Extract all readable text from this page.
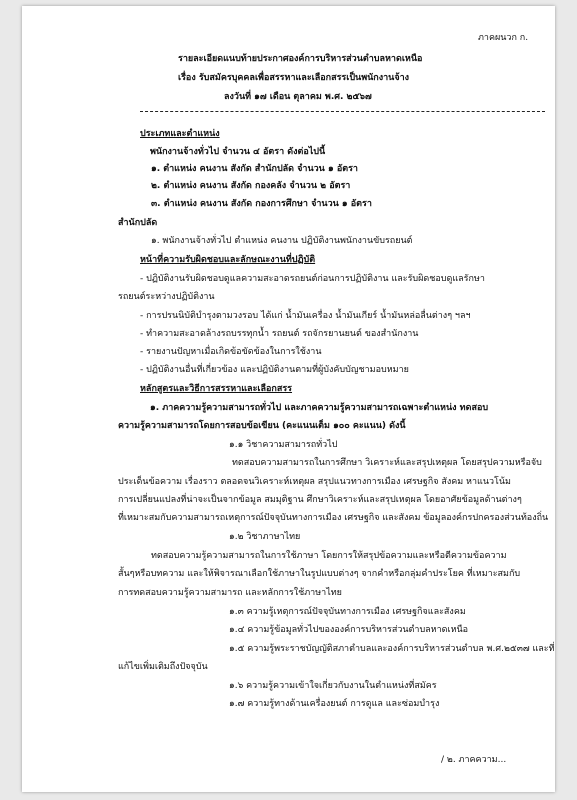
ภาคผนวก ก.
รายละเอียดแนบท้ายประกาศองค์การบริหารส่วนตำบลหาดเหนือ
เรื่อง รับสมัครบุคคลเพื่อสรรหาและเลือกสรรเป็นพนักงานจ้าง
ลงวันที่ ๑๗ เดือน ตุลาคม พ.ศ. ๒๕๖๗
ประเภทและตำแหน่ง
พนักงานจ้างทั่วไป จำนวน ๔ อัตรา ดังต่อไปนี้
๑. ตำแหน่ง คนงาน สังกัด สำนักปลัด จำนวน ๑ อัตรา
๒. ตำแหน่ง คนงาน สังกัด กองคลัง จำนวน ๒ อัตรา
๓. ตำแหน่ง คนงาน สังกัด กองการศึกษา จำนวน ๑ อัตรา
สำนักปลัด
๑. พนักงานจ้างทั่วไป ตำแหน่ง คนงาน ปฏิบัติงานพนักงานขับรถยนต์
หน้าที่ความรับผิดชอบและลักษณะงานที่ปฏิบัติ
- ปฏิบัติงานรับผิดชอบดูแลความสะอาดรถยนต์ก่อนการปฏิบัติงาน และรับผิดชอบดูแลรักษา
รถยนต์ระหว่างปฏิบัติงาน
- การปรนนิบัติบำรุงตามวงรอบ ได้แก่ น้ำมันเครื่อง น้ำมันเกียร์ น้ำมันหล่อลื่นต่างๆ ฯลฯ
- ทำความสะอาดล้างรถบรรทุกน้ำ รถยนต์ รถจักรยานยนต์ ของสำนักงาน
- รายงานปัญหาเมื่อเกิดข้อขัดข้องในการใช้งาน
- ปฏิบัติงานอื่นที่เกี่ยวข้อง และปฏิบัติงานตามที่ผู้บังคับบัญชามอบหมาย
หลักสูตรและวิธีการสรรหาและเลือกสรร
๑. ภาคความรู้ความสามารถทั่วไป และภาคความรู้ความสามารถเฉพาะตำแหน่ง ทดสอบ
ความรู้ความสามารถโดยการสอบข้อเขียน (คะแนนเต็ม ๑๐๐ คะแนน) ดังนี้
๑.๑ วิชาความสามารถทั่วไป
ทดสอบความสามารถในการศึกษา วิเคราะห์และสรุปเหตุผล โดยสรุปความหรือจับ
ประเด็นข้อความ เรื่องราว ตลอดจนวิเคราะห์เหตุผล สรุปแนวทางการเมือง เศรษฐกิจ สังคม หาแนวโน้ม
การเปลี่ยนแปลงที่น่าจะเป็นจากข้อมูล สมมุติฐาน ศึกษาวิเคราะห์และสรุปเหตุผล โดยอาศัยข้อมูลด้านต่างๆ
ที่เหมาะสมกับความสามารถเหตุการณ์ปัจจุบันทางการเมือง เศรษฐกิจ และสังคม ข้อมูลองค์กรปกครองส่วนท้องถิ่น
๑.๒ วิชาภาษาไทย
ทดสอบความรู้ความสามารถในการใช้ภาษา โดยการให้สรุปข้อความและหรือตีความข้อความ
สั้นๆหรือบทความ และให้พิจารณาเลือกใช้ภาษาในรูปแบบต่างๆ จากคำหรือกลุ่มคำประโยค ที่เหมาะสมกับ
การทดสอบความรู้ความสามารถ และหลักการใช้ภาษาไทย
๑.๓ ความรู้เหตุการณ์ปัจจุบันทางการเมือง เศรษฐกิจและสังคม
๑.๔ ความรู้ข้อมูลทั่วไปขององค์การบริหารส่วนตำบลหาดเหนือ
๑.๕ ความรู้พระราชบัญญัติสภาตำบลและองค์การบริหารส่วนตำบล พ.ศ.๒๕๓๗ และที่
แก้ไขเพิ่มเติมถึงปัจจุบัน
๑.๖ ความรู้ความเข้าใจเกี่ยวกับงานในตำแหน่งที่สมัคร
๑.๗ ความรู้ทางด้านเครื่องยนต์ การดูแล และซ่อมบำรุง
/ ๒. ภาคความ...
